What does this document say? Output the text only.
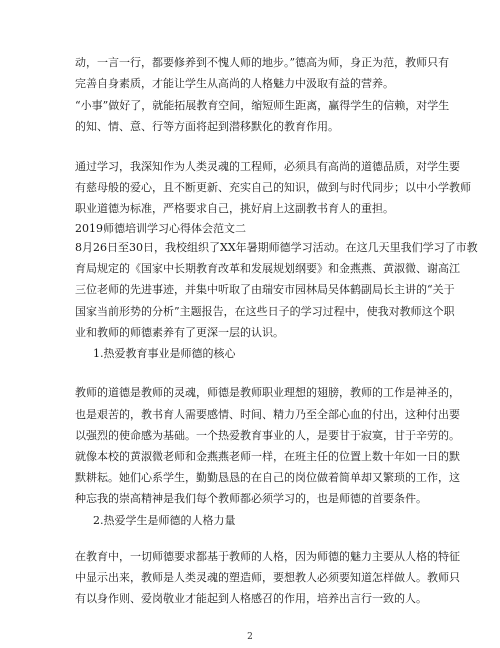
动，一言一行，都要修养到不愧人师的地步。”德高为师，身正为范，教师只有
完善自身素质，才能让学生从高尚的人格魅力中汲取有益的营养。
“小事”做好了，就能拓展教育空间，缩短师生距离，赢得学生的信赖，对学生
的知、情、意、行等方面将起到潜移默化的教育作用。
通过学习，我深知作为人类灵魂的工程师，必须具有高尚的道德品质，对学生要
有慈母般的爱心，且不断更新、充实自己的知识，做到与时代同步；以中小学教师
职业道德为标准，严格要求自己，挑好肩上这副教书育人的重担。
2019师德培训学习心得体会范文二
8月26日至30日，我校组织了XX年暑期师德学习活动。在这几天里我们学习了市教
育局规定的《国家中长期教育改革和发展规划纲要》和金燕燕、黄淑微、谢高江
三位老师的先进事迹，并集中听取了由瑞安市园林局吴体鹤副局长主讲的“关于
国家当前形势的分析”主题报告，在这些日子的学习过程中，使我对教师这个职
业和教师的师德素养有了更深一层的认识。
1.热爱教育事业是师德的核心
教师的道德是教师的灵魂，师德是教师职业理想的翅膀，教师的工作是神圣的，
也是艰苦的，教书育人需要感情、时间、精力乃至全部心血的付出，这种付出要
以强烈的使命感为基础。一个热爱教育事业的人，是要甘于寂寞，甘于辛劳的。
就像本校的黄淑微老师和金燕燕老师一样，在班主任的位置上数十年如一日的默
默耕耘。她们心系学生，勤勤恳恳的在自己的岗位做着简单却又繁琐的工作，这
种忘我的崇高精神是我们每个教师都必须学习的，也是师德的首要条件。
2.热爱学生是师德的人格力量
在教育中，一切师德要求都基于教师的人格，因为师德的魅力主要从人格的特征
中显示出来，教师是人类灵魂的塑造师，要想教人必须要知道怎样做人。教师只
有以身作则、爱岗敬业才能起到人格感召的作用，培养出言行一致的人。
2
